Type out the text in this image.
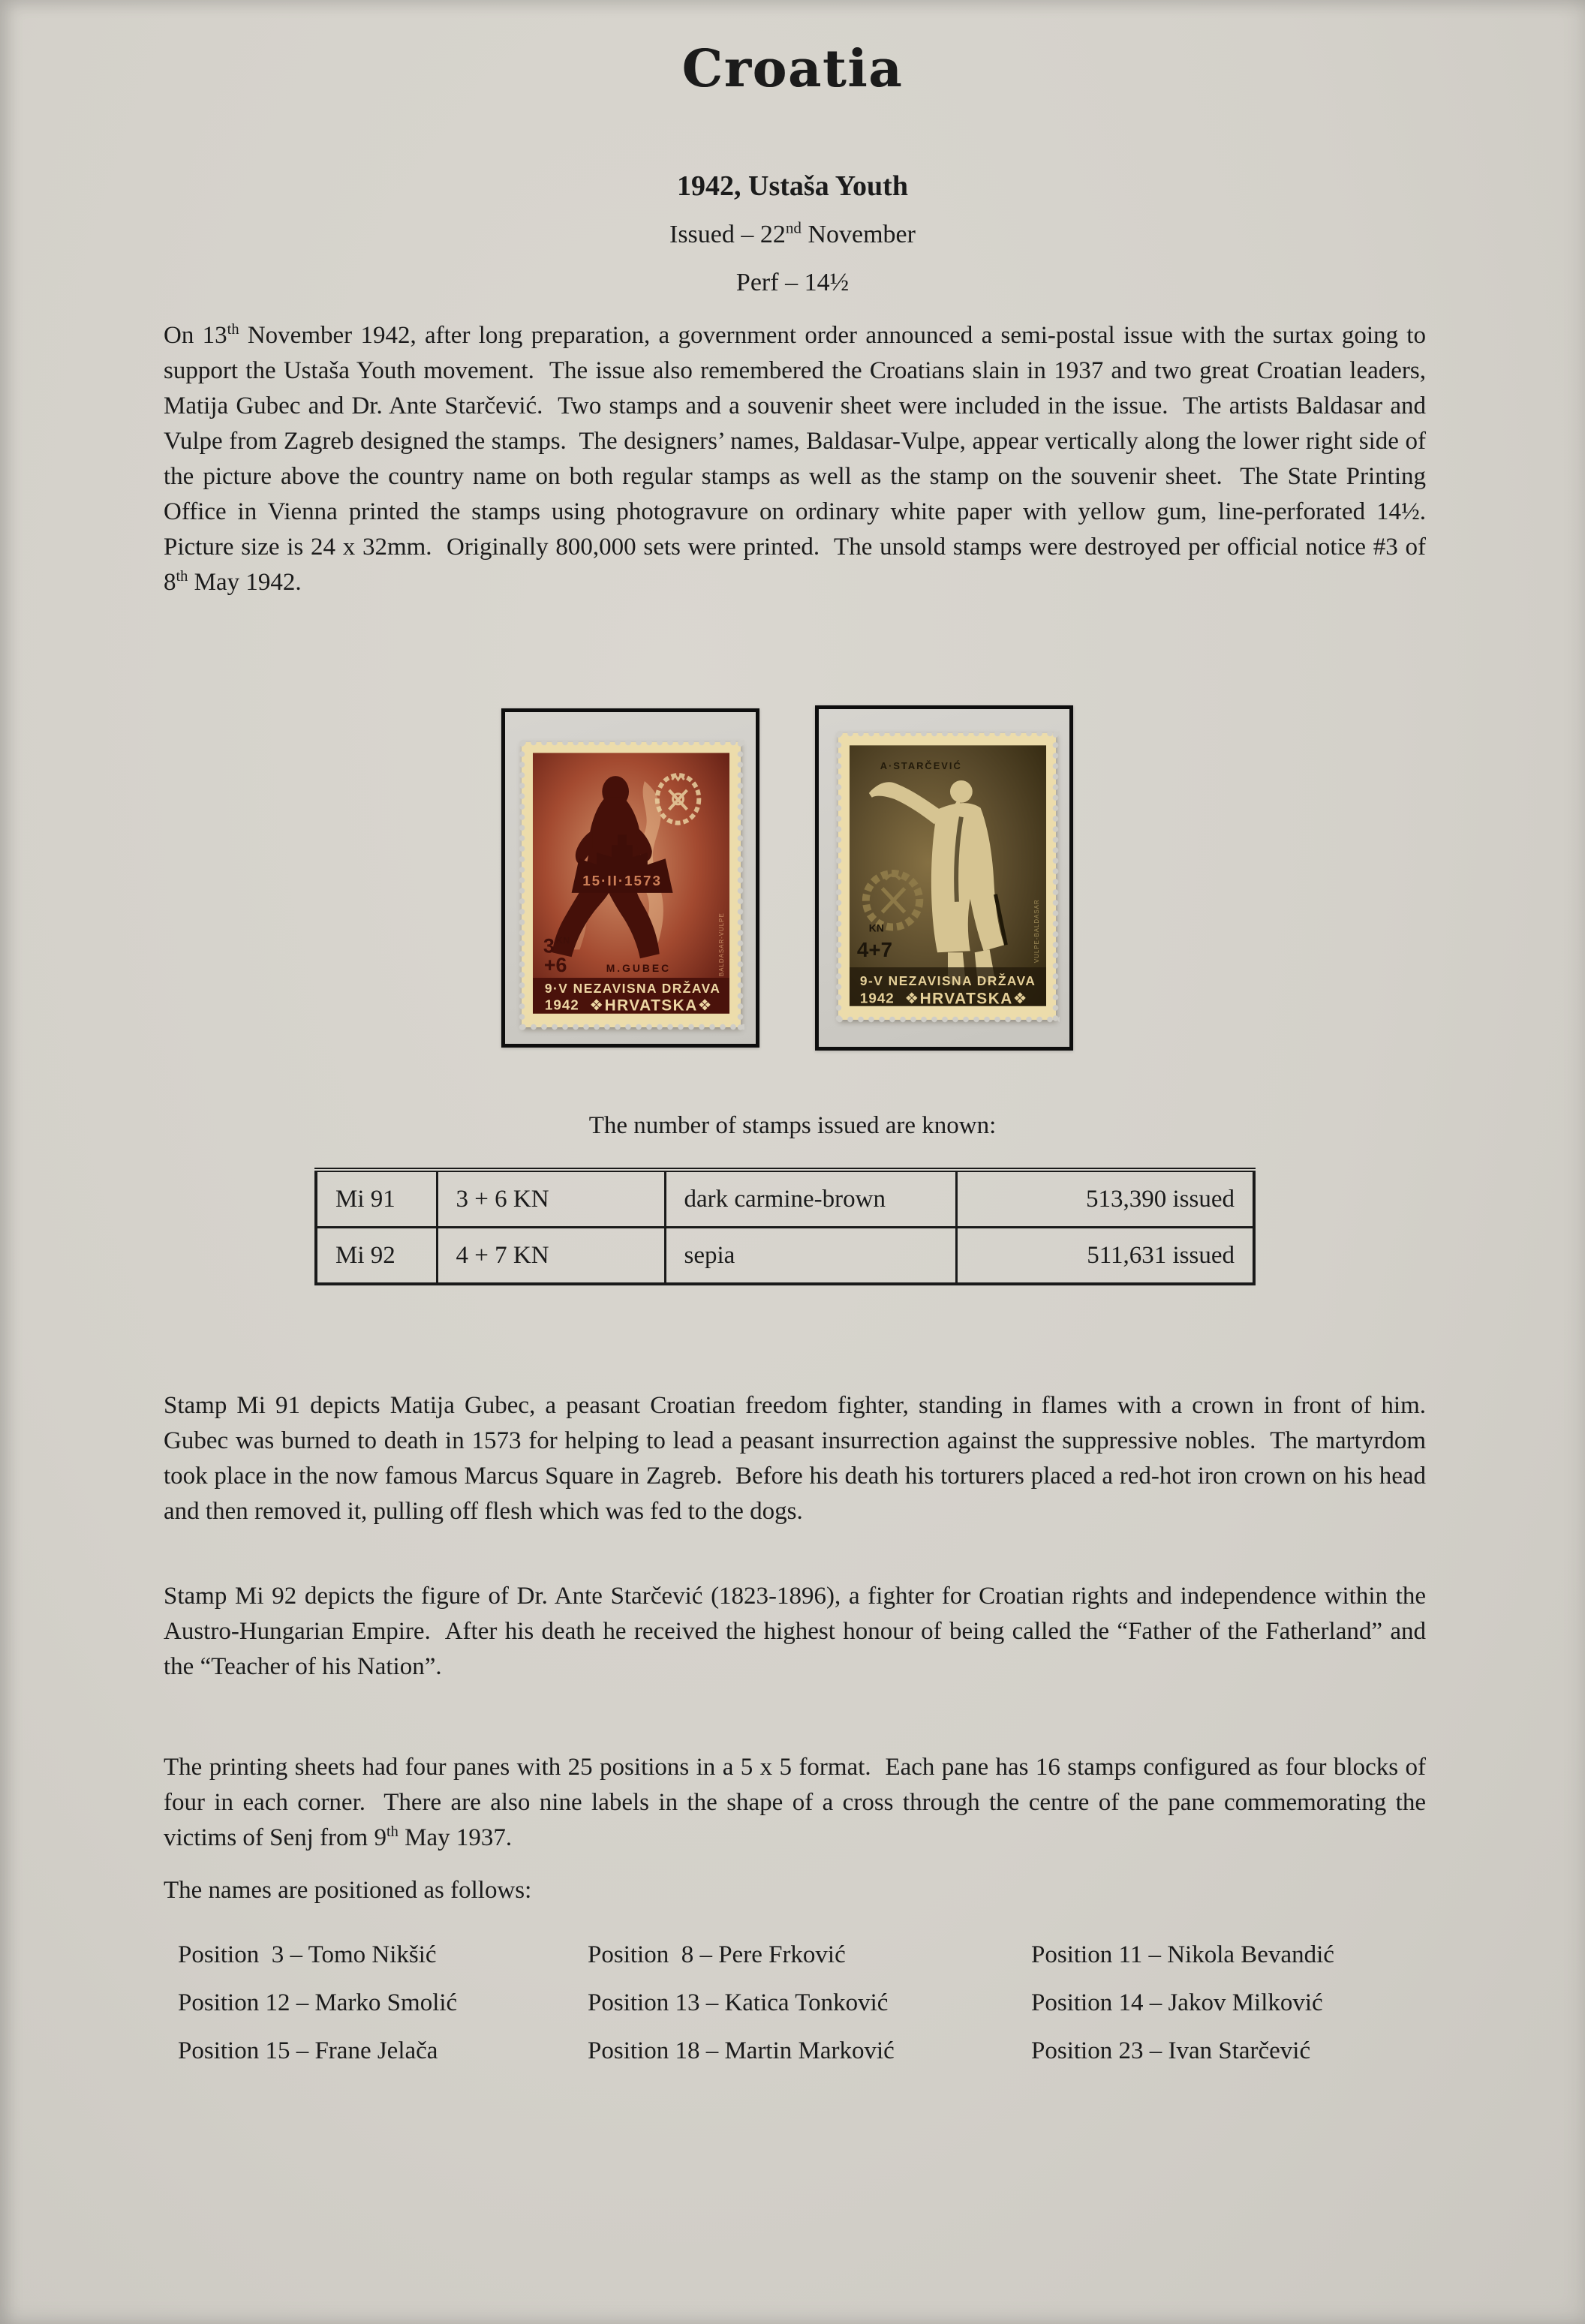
Croatia
1942, Ustaša Youth
Issued – 22nd November
Perf – 14½
On 13th November 1942, after long preparation, a government order announced a semi-postal issue with the surtax going to support the Ustaša Youth movement.  The issue also remembered the Croatians slain in 1937 and two great Croatian leaders, Matija Gubec and Dr. Ante Starčević.  Two stamps and a souvenir sheet were included in the issue.  The artists Baldasar and Vulpe from Zagreb designed the stamps.  The designers’ names, Baldasar-Vulpe, appear vertically along the lower right side of the picture above the country name on both regular stamps as well as the stamp on the souvenir sheet.  The State Printing Office in Vienna printed the stamps using photogravure on ordinary white paper with yellow gum, line-perforated 14½.  Picture size is 24 x 32mm.  Originally 800,000 sets were printed.  The unsold stamps were destroyed per official notice #3 of 8th May 1942.
15·II·1573
3 KN
+6	M.GUBEC
9·V NEZAVISNA DRŽAVA
1942 ❖HRVATSKA❖
BALDASAR-VULPE
A·STARČEVIĆ
KN
4+7
9-V NEZAVISNA DRŽAVA
1942 ❖HRVATSKA❖
VULPE-BALDASAR
The number of stamps issued are known:
Mi 91	3 + 6 KN	dark carmine-brown	513,390 issued
Mi 92	4 + 7 KN	sepia	511,631 issued
Stamp Mi 91 depicts Matija Gubec, a peasant Croatian freedom fighter, standing in flames with a crown in front of him.  Gubec was burned to death in 1573 for helping to lead a peasant insurrection against the suppressive nobles.  The martyrdom took place in the now famous Marcus Square in Zagreb.  Before his death his torturers placed a red-hot iron crown on his head and then removed it, pulling off flesh which was fed to the dogs.
Stamp Mi 92 depicts the figure of Dr. Ante Starčević (1823-1896), a fighter for Croatian rights and independence within the Austro-Hungarian Empire.  After his death he received the highest honour of being called the “Father of the Fatherland” and the “Teacher of his Nation”.
The printing sheets had four panes with 25 positions in a 5 x 5 format.  Each pane has 16 stamps configured as four blocks of four in each corner.  There are also nine labels in the shape of a cross through the centre of the pane commemorating the victims of Senj from 9th May 1937.
The names are positioned as follows:
Position  3 – Tomo Nikšić	Position  8 – Pere Frković	Position 11 – Nikola Bevandić
Position 12 – Marko Smolić	Position 13 – Katica Tonković	Position 14 – Jakov Milković
Position 15 – Frane Jelača	Position 18 – Martin Marković	Position 23 – Ivan Starčević
